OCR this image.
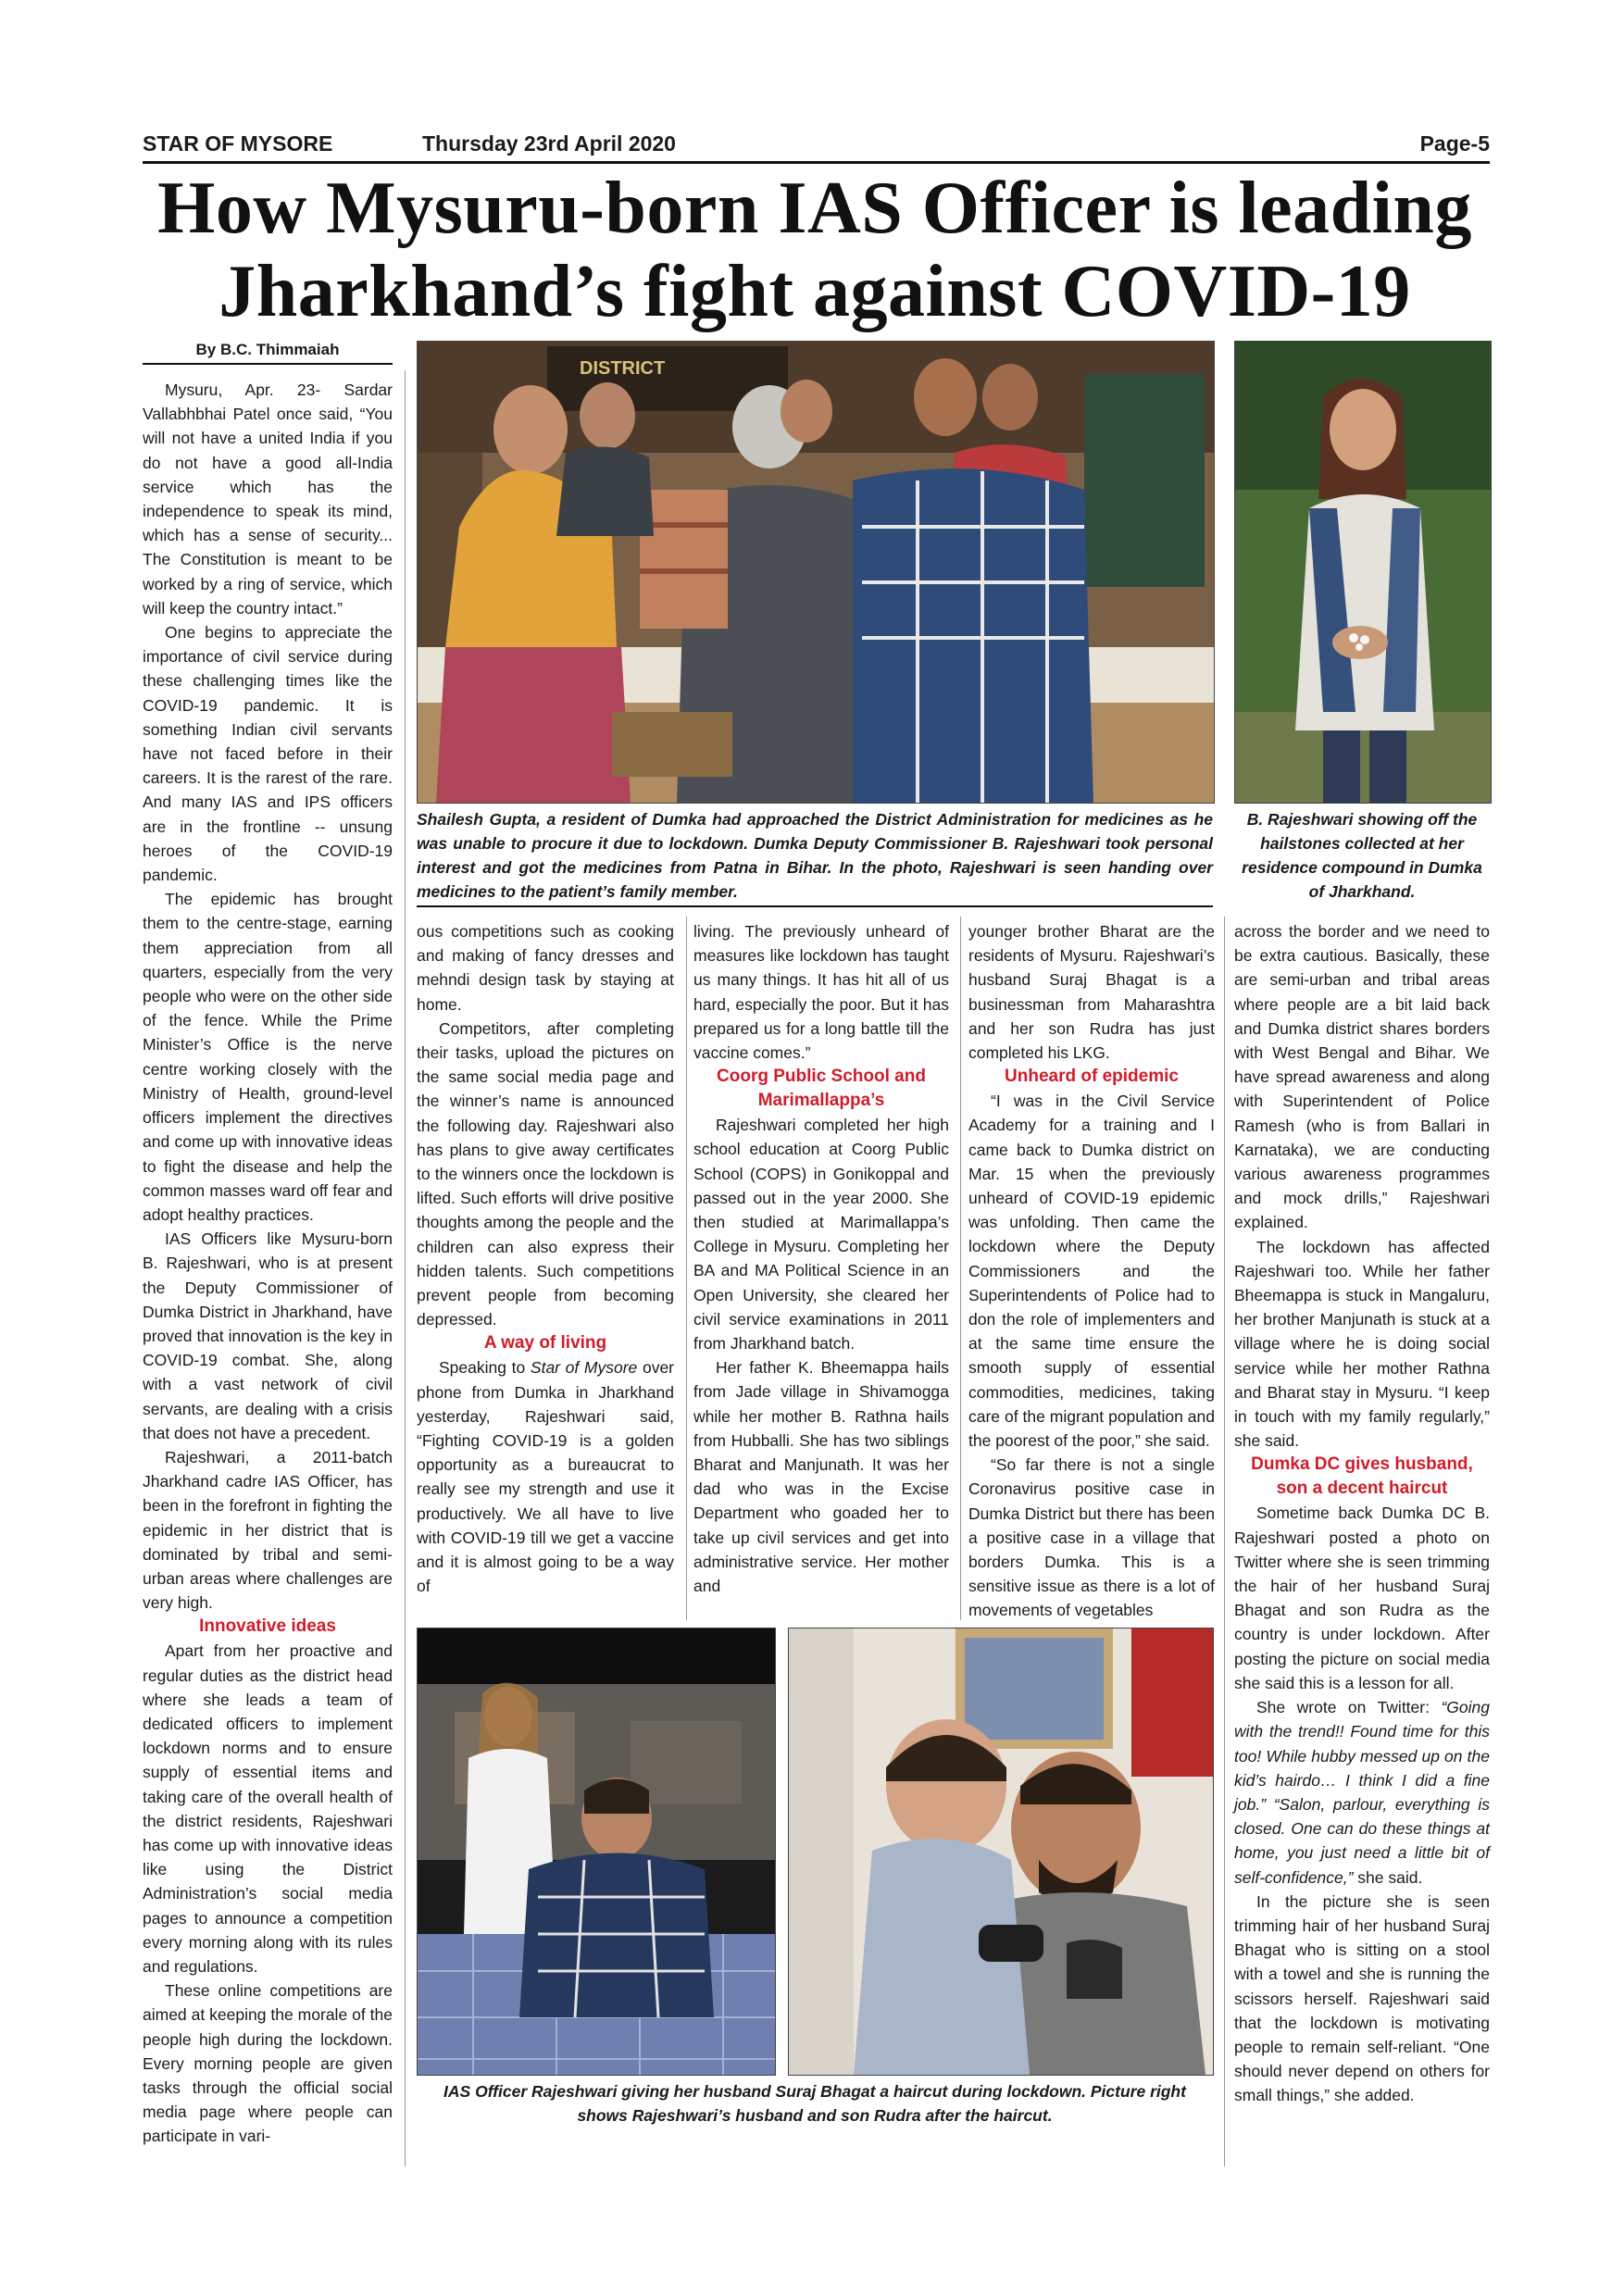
STAR OF MYSORE	Thursday 23rd April 2020	Page-5
How Mysuru-born IAS Officer is leading
Jharkhand’s fight against COVID-19
By B.C. Thimmaiah
DISTRICT
Shailesh Gupta, a resident of Dumka had approached the District Administration for medicines as he was unable to procure it due to lockdown. Dumka Deputy Commissioner B. Rajeshwari took personal interest and got the medicines from Patna in Bihar. In the photo, Rajeshwari is seen handing over medicines to the patient’s family member.
B. Rajeshwari showing off the hailstones collected at her residence compound in Dumka of Jharkhand.

Mysuru, Apr. 23- Sardar Vallabhbhai Patel once said, “You will not have a united India if you do not have a good all-India service which has the independence to speak its mind, which has a sense of security... The Constitution is meant to be worked by a ring of service, which will keep the country intact.”

One begins to appreciate the importance of civil service during these challenging times like the COVID-19 pandemic. It is something Indian civil servants have not faced before in their careers. It is the rarest of the rare. And many IAS and IPS officers are in the frontline -- unsung heroes of the COVID-19 pandemic.

The epidemic has brought them to the centre-stage, earning them appreciation from all quarters, especially from the very people who were on the other side of the fence. While the Prime Minister’s Office is the nerve centre working closely with the Ministry of Health, ground-level officers implement the directives and come up with innovative ideas to fight the disease and help the common masses ward off fear and adopt healthy practices.

IAS Officers like Mysuru-born B. Rajeshwari, who is at present the Deputy Commissioner of Dumka District in Jharkhand, have proved that innovation is the key in COVID-19 combat. She, along with a vast network of civil servants, are dealing with a crisis that does not have a precedent.

Rajeshwari, a 2011-batch Jharkhand cadre IAS Officer, has been in the forefront in fighting the epidemic in her district that is dominated by tribal and semi-urban areas where challenges are very high.

Innovative ideas

Apart from her proactive and regular duties as the district head where she leads a team of dedicated officers to implement lockdown norms and to ensure supply of essential items and taking care of the overall health of the district residents, Rajeshwari has come up with innovative ideas like using the District Administration’s social media pages to announce a competition every morning along with its rules and regulations.

These online competitions are aimed at keeping the morale of the people high during the lockdown. Every morning people are given tasks through the official social media page where people can participate in vari-

ous competitions such as cooking and making of fancy dresses and mehndi design task by staying at home.

Competitors, after completing their tasks, upload the pictures on the same social media page and the winner’s name is announced the following day. Rajeshwari also has plans to give away certificates to the winners once the lockdown is lifted. Such efforts will drive positive thoughts among the people and the children can also express their hidden talents. Such competitions prevent people from becoming depressed.

A way of living

Speaking to Star of Mysore over phone from Dumka in Jharkhand yesterday, Rajeshwari said, “Fighting COVID-19 is a golden opportunity as a bureaucrat to really see my strength and use it productively. We all have to live with COVID-19 till we get a vaccine and it is almost going to be a way of

living. The previously unheard of measures like lockdown has taught us many things. It has hit all of us hard, especially the poor. But it has prepared us for a long battle till the vaccine comes.”

Coorg Public School and Marimallappa’s

Rajeshwari completed her high school education at Coorg Public School (COPS) in Gonikoppal and passed out in the year 2000. She then studied at Marimallappa’s College in Mysuru. Completing her BA and MA Political Science in an Open University, she cleared her civil service examinations in 2011 from Jharkhand batch.

Her father K. Bheemappa hails from Jade village in Shivamogga while her mother B. Rathna hails from Hubballi. She has two siblings Bharat and Manjunath. It was her dad who was in the Excise Department who goaded her to take up civil services and get into administrative service. Her mother and

younger brother Bharat are the residents of Mysuru. Rajeshwari’s husband Suraj Bhagat is a businessman from Maharashtra and her son Rudra has just completed his LKG.

Unheard of epidemic

“I was in the Civil Service Academy for a training and I came back to Dumka district on Mar. 15 when the previously unheard of COVID-19 epidemic was unfolding. Then came the lockdown where the Deputy Commissioners and the Superintendents of Police had to don the role of implementers and at the same time ensure the smooth supply of essential commodities, medicines, taking care of the migrant population and the poorest of the poor,” she said.

“So far there is not a single Coronavirus positive case in Dumka District but there has been a positive case in a village that borders Dumka. This is a sensitive issue as there is a lot of movements of vegetables

across the border and we need to be extra cautious. Basically, these are semi-urban and tribal areas where people are a bit laid back and Dumka district shares borders with West Bengal and Bihar. We have spread awareness and along with Superintendent of Police Ramesh (who is from Ballari in Karnataka), we are conducting various awareness programmes and mock drills,” Rajeshwari explained.

The lockdown has affected Rajeshwari too. While her father Bheemappa is stuck in Mangaluru, her brother Manjunath is stuck at a village where he is doing social service while her mother Rathna and Bharat stay in Mysuru. “I keep in touch with my family regularly,” she said.

Dumka DC gives husband, son a decent haircut

Sometime back Dumka DC B. Rajeshwari posted a photo on Twitter where she is seen trimming the hair of her husband Suraj Bhagat and son Rudra as the country is under lockdown. After posting the picture on social media she said this is a lesson for all.

She wrote on Twitter: “Going with the trend!! Found time for this too! While hubby messed up on the kid’s hairdo… I think I did a fine job.” “Salon, parlour, everything is closed. One can do these things at home, you just need a little bit of self-confidence,” she said.

In the picture she is seen trimming hair of her husband Suraj Bhagat who is sitting on a stool with a towel and she is running the scissors herself. Rajeshwari said that the lockdown is motivating people to remain self-reliant. “One should never depend on others for small things,” she added.

IAS Officer Rajeshwari giving her husband Suraj Bhagat a haircut during lockdown. Picture right shows Rajeshwari’s husband and son Rudra after the haircut.
